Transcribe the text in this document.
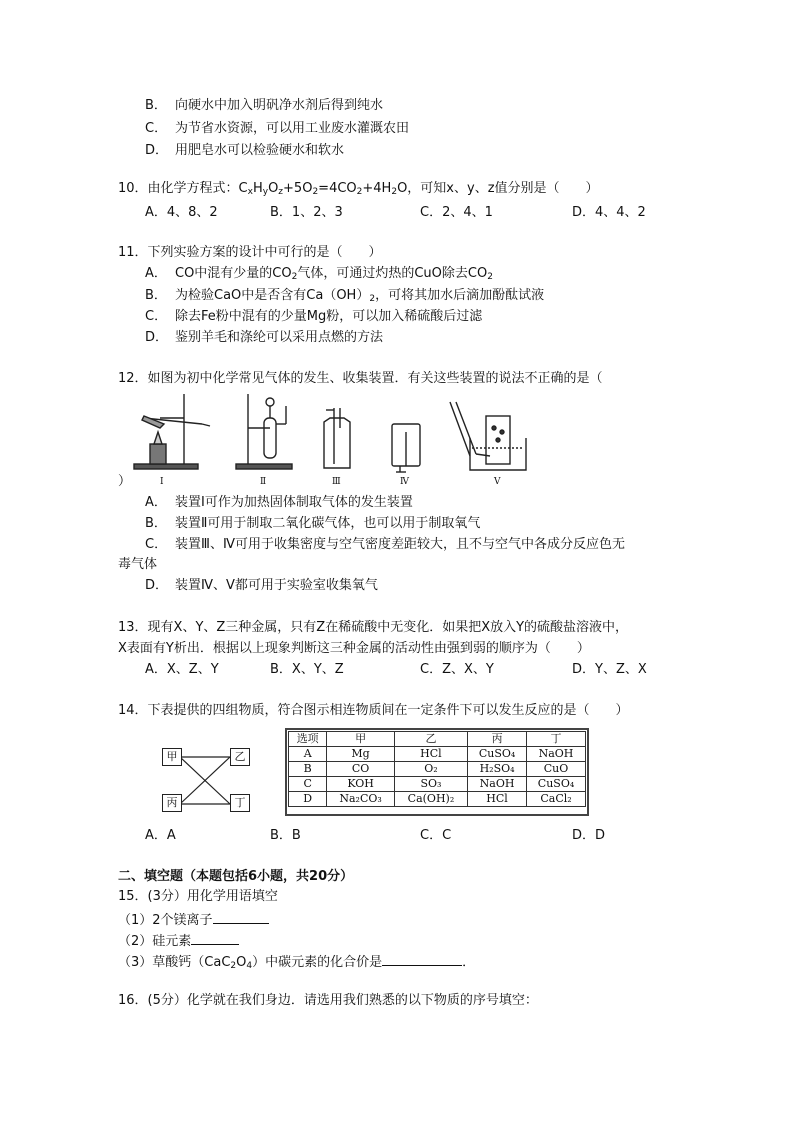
B． 向硬水中加入明矾净水剂后得到纯水
C． 为节省水资源，可以用工业废水灌溉农田
D． 用肥皂水可以检验硬水和软水
10．由化学方程式：$C_xH_yO_z+5O_2=4CO_2+4H_2O$，可知x、y、z值分别是（　　）
A．4、8、2	B．1、2、3	C．2、4、1	D．4、4、2
11．下列实验方案的设计中可行的是（　　）
A． CO中混有少量的$CO_2$气体，可通过灼热的CuO除去$CO_2$
B． 为检验CaO中是否含有$Ca(OH)_2$，可将其加水后滴加酚酞试液
C． 除去Fe粉中混有的少量Mg粉，可以加入稀硫酸后过滤
D． 鉴别羊毛和涤纶可以采用点燃的方法
12．如图为初中化学常见气体的发生、收集装置．有关这些装置的说法不正确的是（
Ⅰ	Ⅱ	Ⅲ	Ⅳ	Ⅴ
）
A． 装置Ⅰ可作为加热固体制取气体的发生装置
B． 装置Ⅱ可用于制取二氧化碳气体，也可以用于制取氧气
C． 装置Ⅲ、Ⅳ可用于收集密度与空气密度差距较大，且不与空气中各成分反应色无
毒气体
D． 装置Ⅳ、Ⅴ都可用于实验室收集氧气
13．现有X、Y、Z三种金属，只有Z在稀硫酸中无变化．如果把X放入Y的硫酸盐溶液中，
X表面有Y析出．根据以上现象判断这三种金属的活动性由强到弱的顺序为（　　）
A．X、Z、Y	B．X、Y、Z	C．Z、X、Y	D．Y、Z、X
14．下表提供的四组物质，符合图示相连物质间在一定条件下可以发生反应的是（　　）
甲	乙
丙	丁
选项	甲	乙	丙	丁
A	Mg	HCl	CuSO₄	NaOH
B	CO	O₂	H₂SO₄	CuO
C	KOH	SO₃	NaOH	CuSO₄
D	Na₂CO₃	Ca(OH)₂	HCl	CaCl₂
A．A	B．B	C．C	D．D
二、填空题（本题包括6小题，共20分）
15．(3分）用化学用语填空
（1）2个镁离子
（2）硅元素
（3）草酸钙$(CaC_2O_4)$中碳元素的化合价是	．
16．(5分）化学就在我们身边．请选用我们熟悉的以下物质的序号填空：
